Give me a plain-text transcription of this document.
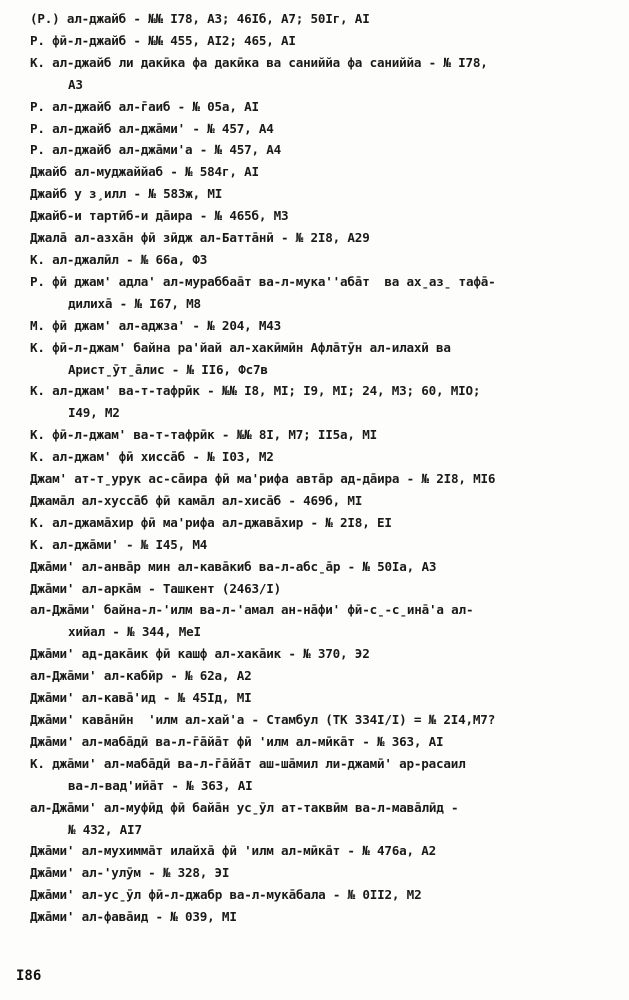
(Р.) ал-джайб - №№ I78, А3; 46Iб, А7; 50Iг, AI
Р. фӣ-л-джайб - №№ 455, AI2; 465, AI
К. ал-джайб ли дакӣка фа дакӣка ва саниййа фа саниййа - № I78,
А3
Р. ал-джайб ал-г̄аиб - № 05а, AI
Р. ал-джайб ал-джа̄ми' - № 457, А4
Р. ал-джайб ал-джа̄ми'а - № 457, А4
Джайб ал-муджаййаб - № 584г, AI
Джайб у з̧илл - № 583ж, MI
Джайб-и тартӣб-и да̄ира - № 465б, М3
Джала̄ ал-азха̄н фӣ зӣдж ал-Батта̄нӣ - № 2I8, А29
К. ал-джалӣл - № 66а, Ф3
Р. фӣ джам' адла' ал-мураббаа̄т ва-л-мука''аба̄т  ва ах̱аз̱ тафа̄-
дилиха̄ - № I67, M8
М. фӣ джам' ал-аджза' - № 204, M43
К. фӣ-л-джам' байна ра'йай ал-хакӣмӣн Афла̄тӯн ал-илахӣ ва
Арист̱ӯт̱а̄лис - № II6, Фс7в
К. ал-джам' ва-т-тафрӣк - №№ I8, MI; I9, MI; 24, M3; 60, MIO;
I49, M2
К. фӣ-л-джам' ва-т-тафрӣк - №№ 8I, M7; II5а, MI
К. ал-джам' фӣ хисса̄б - № I03, M2
Джам' ат-т̱урук ас-са̄ира фӣ ма'рифа автāр ад-да̄ира - № 2I8, MI6
Джама̄л ал-хусса̄б фӣ кама̄л ал-хиса̄б - 469б, MI
К. ал-джама̄хир фӣ ма'рифа ал-джава̄хир - № 2I8, ЕI
К. ал-джа̄ми' - № I45, M4
Джа̄ми' ал-анва̄р мин ал-кава̄киб ва-л-абс̱а̄р - № 50Iа, А3
Джа̄ми' ал-арка̄м - Ташкент (2463/I)
ал-Джа̄ми' байна-л-'илм ва-л-'амал ан-на̄фи' фӣ-с̱-с̱ина̄'а ал-
хийал - № 344, MeI
Джа̄ми' ад-дака̄ик фӣ кашф ал-хака̄ик - № 370, Э2
ал-Джа̄ми' ал-кабӣр - № 62а, А2
Джа̄ми' ал-кава̄'ид - № 45Iд, MI
Джа̄ми' кава̄нӣн  'илм ал-хай'а - Стамбул (ТК 334I/I) = № 2I4,M7?
Джа̄ми' ал-маба̄дӣ ва-л-г̄а̄йа̄т фӣ 'илм ал-мӣка̄т - № 363, AI
К. джа̄ми' ал-маба̄дӣ ва-л-г̄а̄йа̄т аш-ша̄мил ли-джамӣ' ар-расаил
ва-л-вад'ийа̄т - № 363, AI
ал-Джа̄ми' ал-муфӣд фӣ байа̄н ус̱ӯл ат-таквӣм ва-л-мава̄лӣд -
№ 432, AI7
Джа̄ми' ал-мухимма̄т илайха̄ фӣ 'илм ал-мӣка̄т - № 476а, А2
Джа̄ми' ал-'улӯм - № 328, ЭI
Джа̄ми' ал-ус̱ӯл фӣ-л-джабр ва-л-мука̄бала - № 0II2, M2
Джа̄ми' ал-фава̄ид - № 039, MI
I86
